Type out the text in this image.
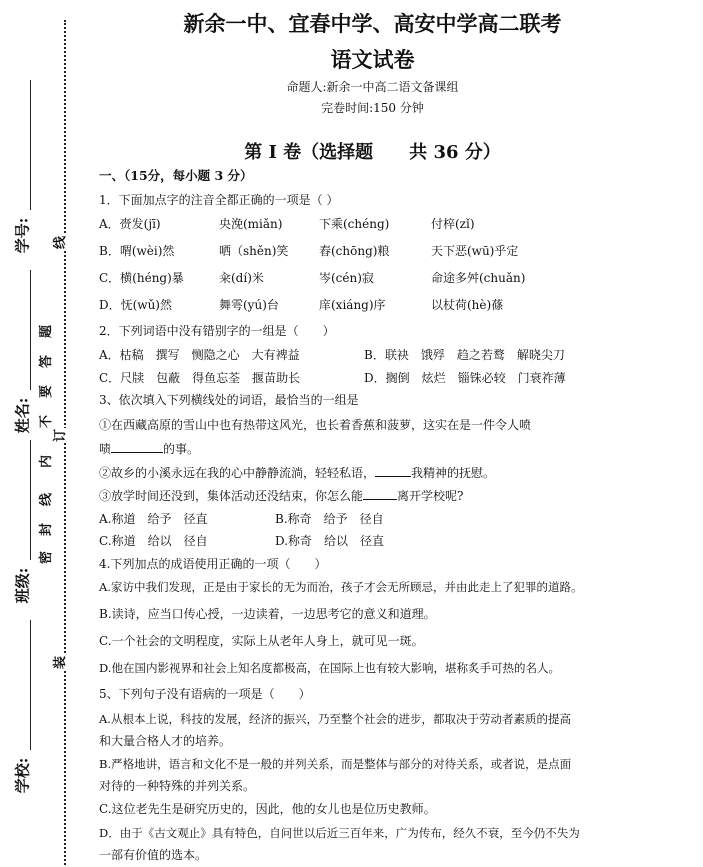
新余一中、宜春中学、高安中学高二联考
语文试卷
命题人:新余一中高二语文备课组
完卷时间:150 分钟
第 I 卷（选择题　　共 36 分）
学号:
姓名:
班级:
学校:
线
订
装
题
答
要
不
内
线
封
密
一、（15分，每小题 3 分）
1．下面加点字的注音全都正确的一项是（ ）
A．赍发(jī)	央浼(miǎn)	下乘(chéng)	付梓(zǐ)
B．喟(wèi)然	哂（shěn)笑	舂(chōng)粮	天下恶(wū)乎定
C．横(héng)暴	籴(dí)米	岑(cén)寂	命途多舛(chuǎn)
D．怃(wǔ)然	舞雩(yú)台	庠(xiáng)序	以杖荷(hè)蓧
2．下列词语中没有错别字的一组是（　　）
A．枯稿　撰写　恻隐之心　大有裨益	B．联袂　饿殍　趋之若鹜　解晓尖刀
C．尺牍　包蔽　得鱼忘荃　揠苗助长	D．搁倒　炫烂　锱铢必较　门衰祚薄
3、依次填入下列横线处的词语，最恰当的一组是
①在西藏高原的雪山中也有热带这风光，也长着香蕉和菠萝，这实在是一件令人喷
啧	的事。
②故乡的小溪永远在我的心中静静流淌，轻轻私语，	我精神的抚慰。
③放学时间还没到，集体活动还没结束，你怎么能	离开学校呢?
A.称道　给予　径直	B.称奇　给予　径自
C.称道　给以　径自	D.称奇　给以　径直
4.下列加点的成语使用正确的一项（　　）
A.家访中我们发现，正是由于家长的无为而治，孩子才会无所顾忌，并由此走上了犯罪的道路。
B.读诗，应当口传心授，一边读着，一边思考它的意义和道理。
C.一个社会的文明程度，实际上从老年人身上，就可见一斑。
D.他在国内影视界和社会上知名度都极高，在国际上也有较大影响，堪称炙手可热的名人。
5、下列句子没有语病的一项是（　　）
A.从根本上说，科技的发展，经济的振兴，乃至整个社会的进步，都取决于劳动者素质的提高
和大量合格人才的培养。
B.严格地讲，语言和文化不是一般的并列关系，而是整体与部分的对待关系，或者说，是点面
对待的一种特殊的并列关系。
C.这位老先生是研究历史的，因此，他的女儿也是位历史教师。
D．由于《古文观止》具有特色，自问世以后近三百年来，广为传布，经久不衰，至今仍不失为
一部有价值的选本。
